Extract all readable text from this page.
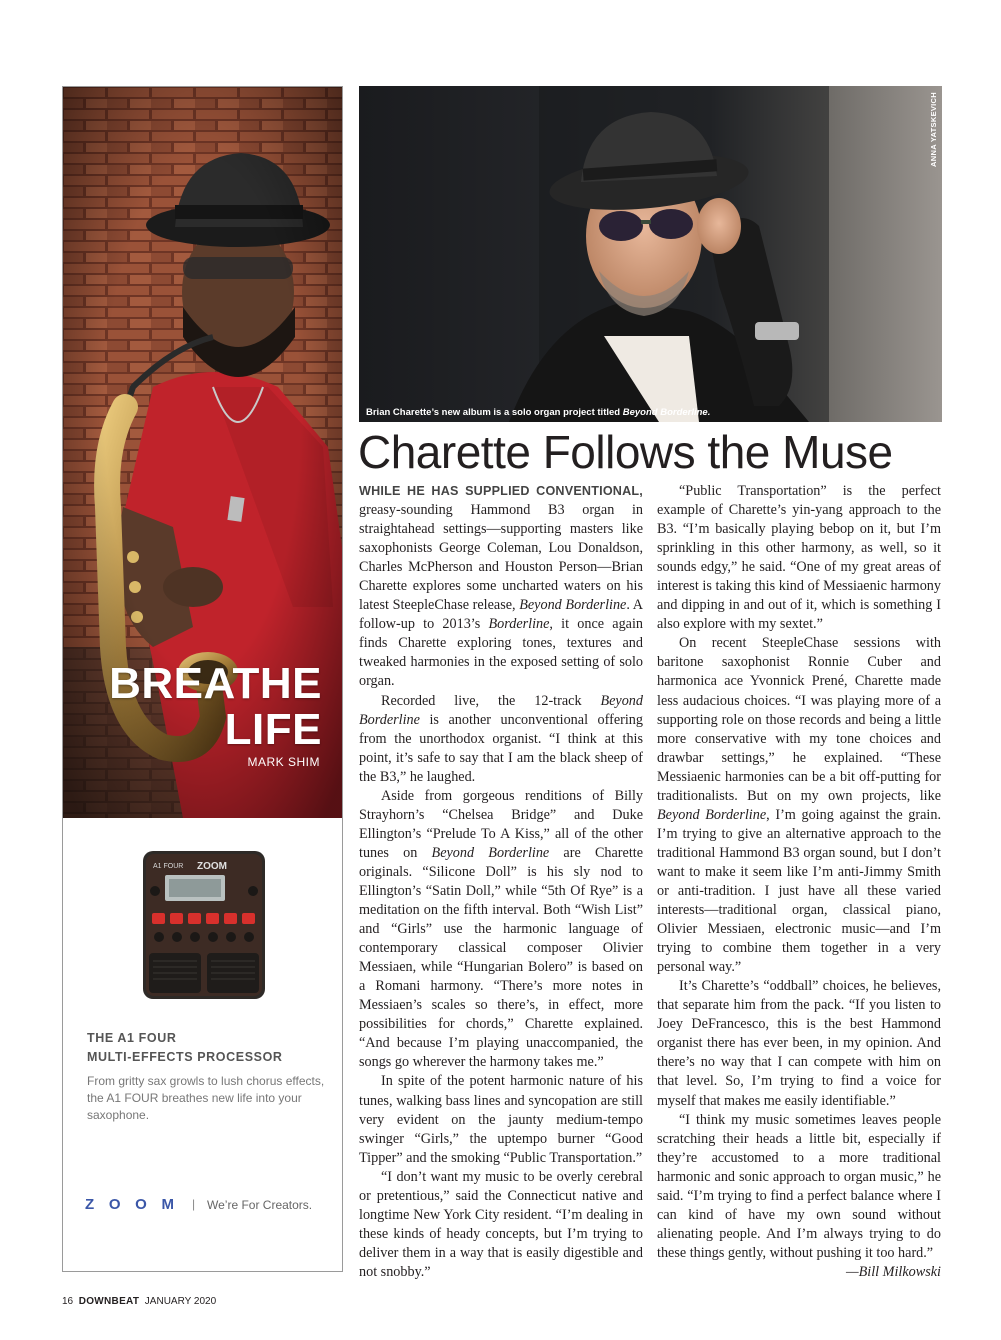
BREATHE
LIFE
MARK SHIM
A1 FOUR ZOOM
THE A1 FOUR
MULTI-EFFECTS PROCESSOR
From gritty sax growls to lush chorus effects, the A1 FOUR breathes new life into your saxophone.
ZOOM | We’re For Creators.
ANNA YATSKEVICH
Brian Charette’s new album is a solo organ project titled Beyond Borderline.
Charette Follows the Muse

WHILE HE HAS SUPPLIED CONVENTIONAL, greasy-sounding Hammond B3 organ in straightahead settings—supporting masters like saxophonists George Coleman, Lou Donaldson, Charles McPherson and Houston Person—Brian Charette explores some uncharted waters on his latest SteepleChase release, Beyond Borderline. A follow-up to 2013’s Borderline, it once again finds Charette exploring tones, textures and tweaked harmonies in the exposed setting of solo organ.

Recorded live, the 12-track Beyond Borderline is another unconventional offering from the unorthodox organist. “I think at this point, it’s safe to say that I am the black sheep of the B3,” he laughed.

Aside from gorgeous renditions of Billy Strayhorn’s “Chelsea Bridge” and Duke Ellington’s “Prelude To A Kiss,” all of the other tunes on Beyond Borderline are Charette originals. “Silicone Doll” is his sly nod to Ellington’s “Satin Doll,” while “5th Of Rye” is a meditation on the fifth interval. Both “Wish List” and “Girls” use the harmonic language of contemporary classical composer Olivier Messiaen, while “Hungarian Bolero” is based on a Romani harmony. “There’s more notes in Messiaen’s scales so there’s, in effect, more possibilities for chords,” Charette explained. “And because I’m playing unaccompanied, the songs go wherever the harmony takes me.”

In spite of the potent harmonic nature of his tunes, walking bass lines and syncopation are still very evident on the jaunty medium-tempo swinger “Girls,” the uptempo burner “Good Tipper” and the smoking “Public Transportation.”

“I don’t want my music to be overly cerebral or pretentious,” said the Connecticut native and longtime New York City resident. “I’m dealing in these kinds of heady concepts, but I’m trying to deliver them in a way that is easily digestible and not snobby.”

“Public Transportation” is the perfect example of Charette’s yin-yang approach to the B3. “I’m basically playing bebop on it, but I’m sprinkling in this other harmony, as well, so it sounds edgy,” he said. “One of my great areas of interest is taking this kind of Messiaenic harmony and dipping in and out of it, which is something I also explore with my sextet.”

On recent SteepleChase sessions with baritone saxophonist Ronnie Cuber and harmonica ace Yvonnick Prené, Charette made less audacious choices. “I was playing more of a supporting role on those records and being a little more conservative with my tone choices and drawbar settings,” he explained. “These Messiaenic harmonies can be a bit off-putting for traditionalists. But on my own projects, like Beyond Borderline, I’m going against the grain. I’m trying to give an alternative approach to the traditional Hammond B3 organ sound, but I don’t want to make it seem like I’m anti-Jimmy Smith or anti-tradition. I just have all these varied interests—traditional organ, classical piano, Olivier Messiaen, electronic music—and I’m trying to combine them together in a very personal way.”

It’s Charette’s “oddball” choices, he believes, that separate him from the pack. “If you listen to Joey DeFrancesco, this is the best Hammond organist there has ever been, in my opinion. And there’s no way that I can compete with him on that level. So, I’m trying to find a voice for myself that makes me easily identifiable.”

“I think my music sometimes leaves people scratching their heads a little bit, especially if they’re accustomed to a more traditional harmonic and sonic approach to organ music,” he said. “I’m trying to find a perfect balance where I can kind of have my own sound without alienating people. And I’m always trying to do these things gently, without pushing it too hard.”

—Bill Milkowski

16 DOWNBEAT JANUARY 2020
